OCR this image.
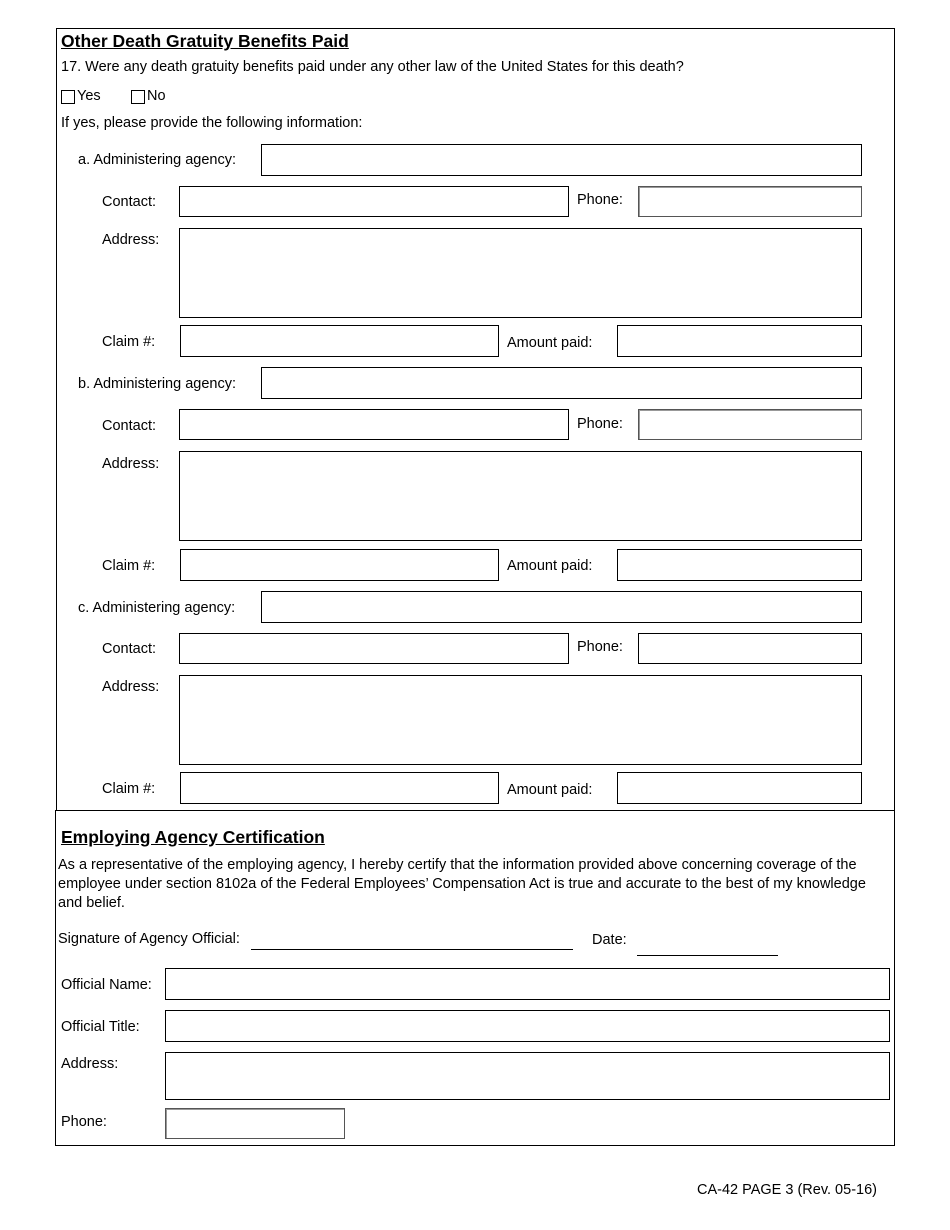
Other Death Gratuity Benefits Paid
17. Were any death gratuity benefits paid under any other law of the United States for this death?
Yes	No
If yes, please provide the following information:
a. Administering agency:
Contact:	Phone:
Address:
Claim #:	Amount paid:
b. Administering agency:
Contact:	Phone:
Address:
Claim #:	Amount paid:
c. Administering agency:
Contact:	Phone:
Address:
Claim #:	Amount paid:
Employing Agency Certification
As a representative of the employing agency, I hereby certify that the information provided above concerning coverage of the employee under section 8102a of the Federal Employees’ Compensation Act is true and accurate to the best of my knowledge and belief.
Signature of Agency Official:	Date:
Official Name:
Official Title:
Address:
Phone:
CA-42 PAGE 3 (Rev. 05-16)
